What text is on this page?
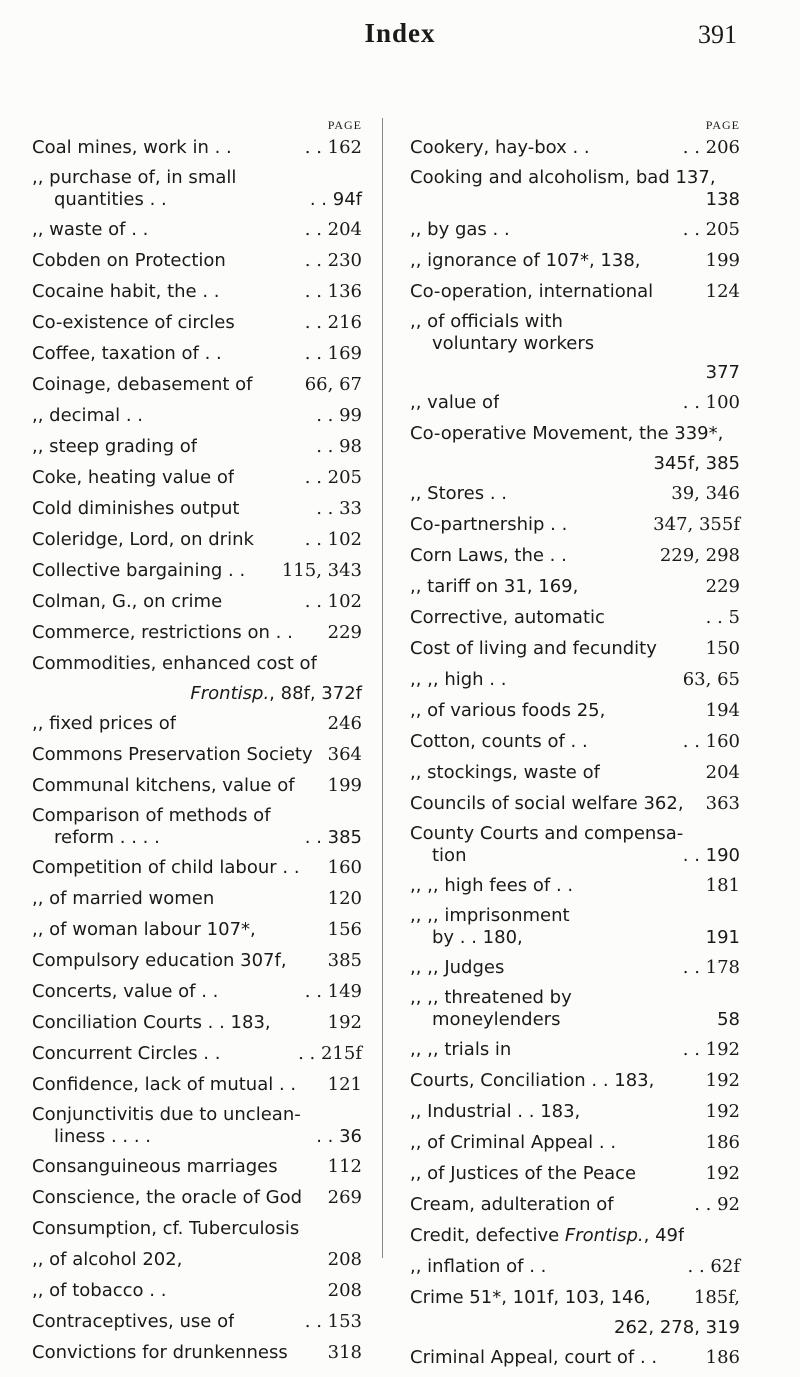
Index	391
PAGE
Coal mines, work in . .	. . 162
,, purchase of, in small
quantities . .	. . 94f
,, waste of . .	. . 204
Cobden on Protection	. . 230
Cocaine habit, the . .	. . 136
Co-existence of circles	. . 216
Coffee, taxation of . .	. . 169
Coinage, debasement of	66, 67
,, decimal . .	. . 99
,, steep grading of	. . 98
Coke, heating value of	. . 205
Cold diminishes output	. . 33
Coleridge, Lord, on drink	. . 102
Collective bargaining . .	115, 343
Colman, G., on crime	. . 102
Commerce, restrictions on . .	229
Commodities, enhanced cost of
Frontisp., 88f, 372f
,, fixed prices of	246
Commons Preservation Society 364
Communal kitchens, value of	199
Comparison of methods of
reform . . . .	. . 385
Competition of child labour . .	160
,, of married women	120
,, of woman labour 107*,	156
Compulsory education 307f,	385
Concerts, value of . .	. . 149
Conciliation Courts . . 183,	192
Concurrent Circles . .	. . 215f
Confidence, lack of mutual . .	121
Conjunctivitis due to unclean-
liness . . . .	. . 36
Consanguineous marriages	112
Conscience, the oracle of God	269
Consumption, cf. Tuberculosis
,, of alcohol 202,	208
,, of tobacco . .	208
Contraceptives, use of	. . 153
Convictions for drunkenness	318
PAGE
Cookery, hay-box . .	. . 206
Cooking and alcoholism, bad 137,
138
,, by gas . .	. . 205
,, ignorance of 107*, 138,	199
Co-operation, international	124
,, of officials with
voluntary workers
377
,, value of	. . 100
Co-operative Movement, the 339*,
345f, 385
,, Stores . .	39, 346
Co-partnership . .	347, 355f
Corn Laws, the . .	229, 298
,, tariff on 31, 169,	229
Corrective, automatic	. . 5
Cost of living and fecundity	150
,, ,, high . .	63, 65
,, of various foods 25,	194
Cotton, counts of . .	. . 160
,, stockings, waste of	204
Councils of social welfare 362,	363
County Courts and compensa-
tion	. . 190
,, ,, high fees of . .	181
,, ,, imprisonment
by . . 180,	191
,, ,, Judges	. . 178
,, ,, threatened by
moneylenders	58
,, ,, trials in	. . 192
Courts, Conciliation . . 183,	192
,, Industrial . . 183,	192
,, of Criminal Appeal . .	186
,, of Justices of the Peace	192
Cream, adulteration of	. . 92
Credit, defective Frontisp., 49f
,, inflation of . .	. . 62f
Crime 51*, 101f, 103, 146,	185f,
262, 278, 319
Criminal Appeal, court of . .	186
